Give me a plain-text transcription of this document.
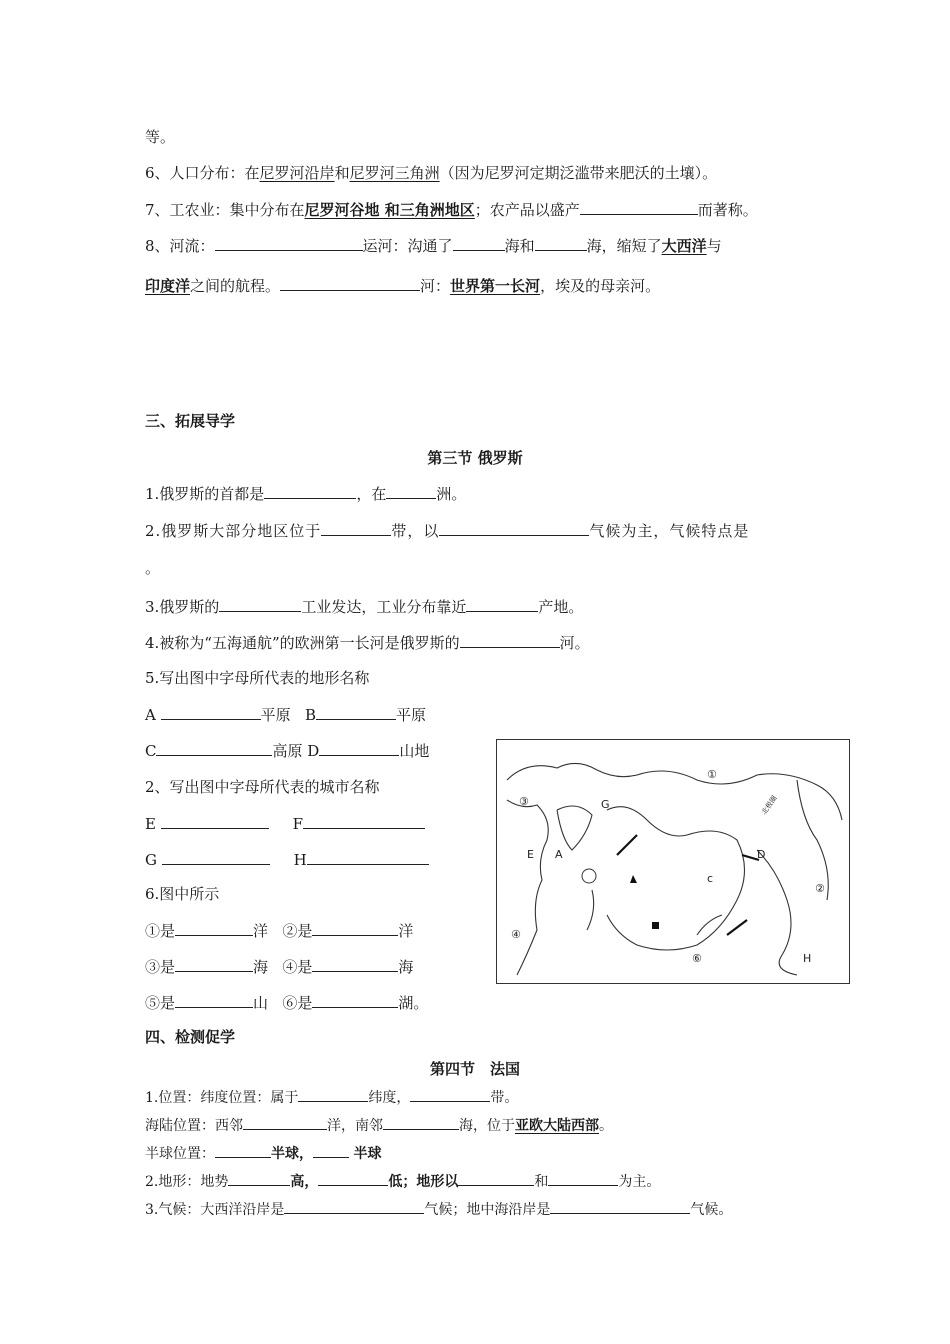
等。
6、人口分布：在尼罗河沿岸和尼罗河三角洲（因为尼罗河定期泛滥带来肥沃的土壤）。
7、工农业：集中分布在尼罗河谷地 和三角洲地区；农产品以盛产	而著称。
8、河流：	运河：沟通了	海和	海，缩短了大西洋与
印度洋之间的航程。	河：世界第一长河，埃及的母亲河。
三、拓展导学
第三节 俄罗斯
1.俄罗斯的首都是	，在	洲。
2.俄罗斯大部分地区位于	带，以	气候为主，气候特点是
。
3.俄罗斯的	工业发达，工业分布靠近	产地。
4.被称为“五海通航”的欧洲第一长河是俄罗斯的	河。
5.写出图中字母所代表的地形名称
A	平原 B	平原
C	高原 D	山地
2、写出图中字母所代表的城市名称
E	F
G	H
6.图中所示
①是	洋 ②是	洋
③是	海 ④是	海
⑤是	山 ⑥是	湖。
①
②
③
④
⑥
G
E A	D
H
c
北极圈
四、检测促学
第四节　法国
1.位置：纬度位置：属于	纬度，	带。
海陆位置：西邻	洋，南邻	海，位于亚欧大陆西部。
半球位置：	半球，	半球
2.地形：地势	高，	低；地形以	和	为主。
3.气候：大西洋沿岸是	气候；地中海沿岸是	气候。
